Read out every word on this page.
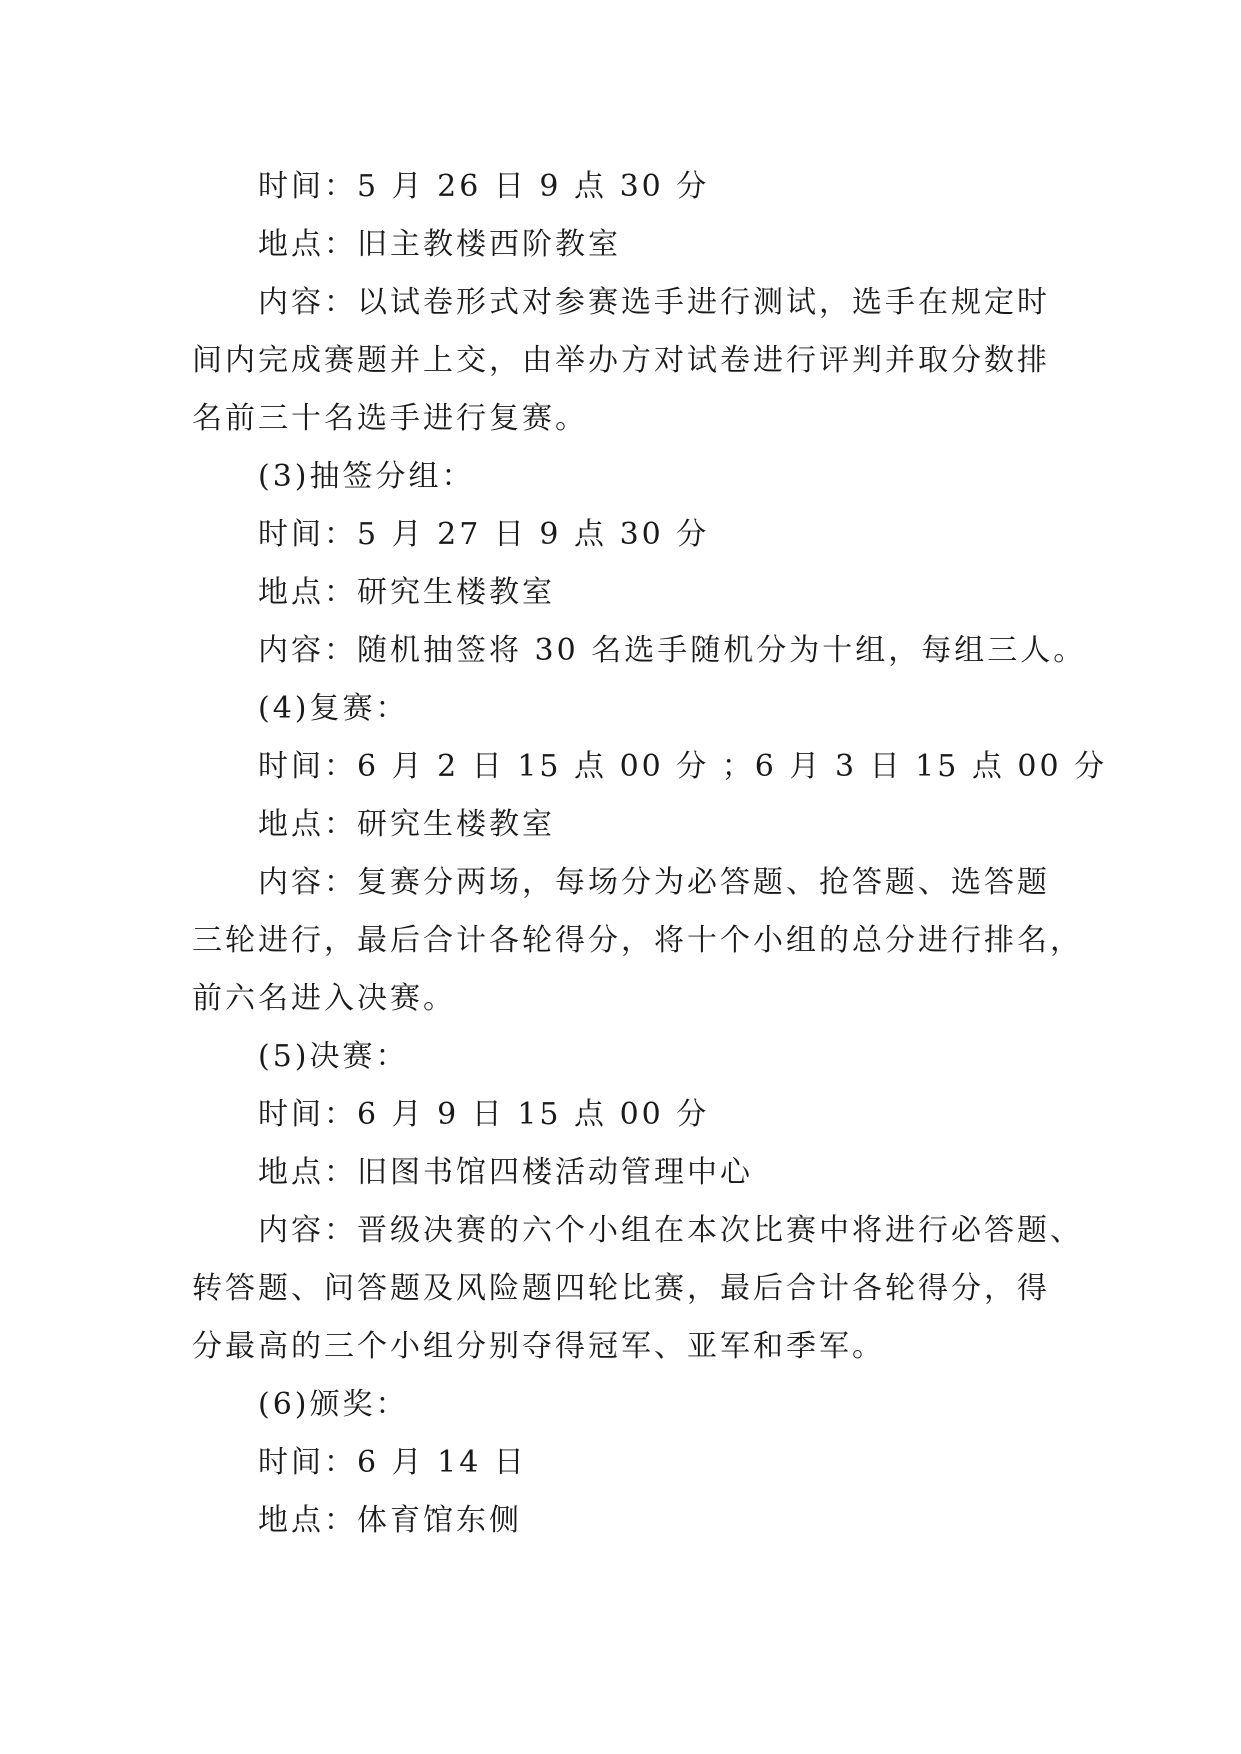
时间：5 月 26 日 9 点 30 分
地点：旧主教楼西阶教室
内容：以试卷形式对参赛选手进行测试，选手在规定时
间内完成赛题并上交，由举办方对试卷进行评判并取分数排
名前三十名选手进行复赛。
(3)抽签分组：
时间：5 月 27 日 9 点 30 分
地点：研究生楼教室
内容：随机抽签将 30 名选手随机分为十组，每组三人。
(4)复赛：
时间：6 月 2 日 15 点 00 分 ；6 月 3 日 15 点 00 分
地点：研究生楼教室
内容：复赛分两场，每场分为必答题、抢答题、选答题
三轮进行，最后合计各轮得分，将十个小组的总分进行排名，
前六名进入决赛。
(5)决赛：
时间：6 月 9 日 15 点 00 分
地点：旧图书馆四楼活动管理中心
内容：晋级决赛的六个小组在本次比赛中将进行必答题、
转答题、问答题及风险题四轮比赛，最后合计各轮得分，得
分最高的三个小组分别夺得冠军、亚军和季军。
(6)颁奖：
时间：6 月 14 日
地点：体育馆东侧
